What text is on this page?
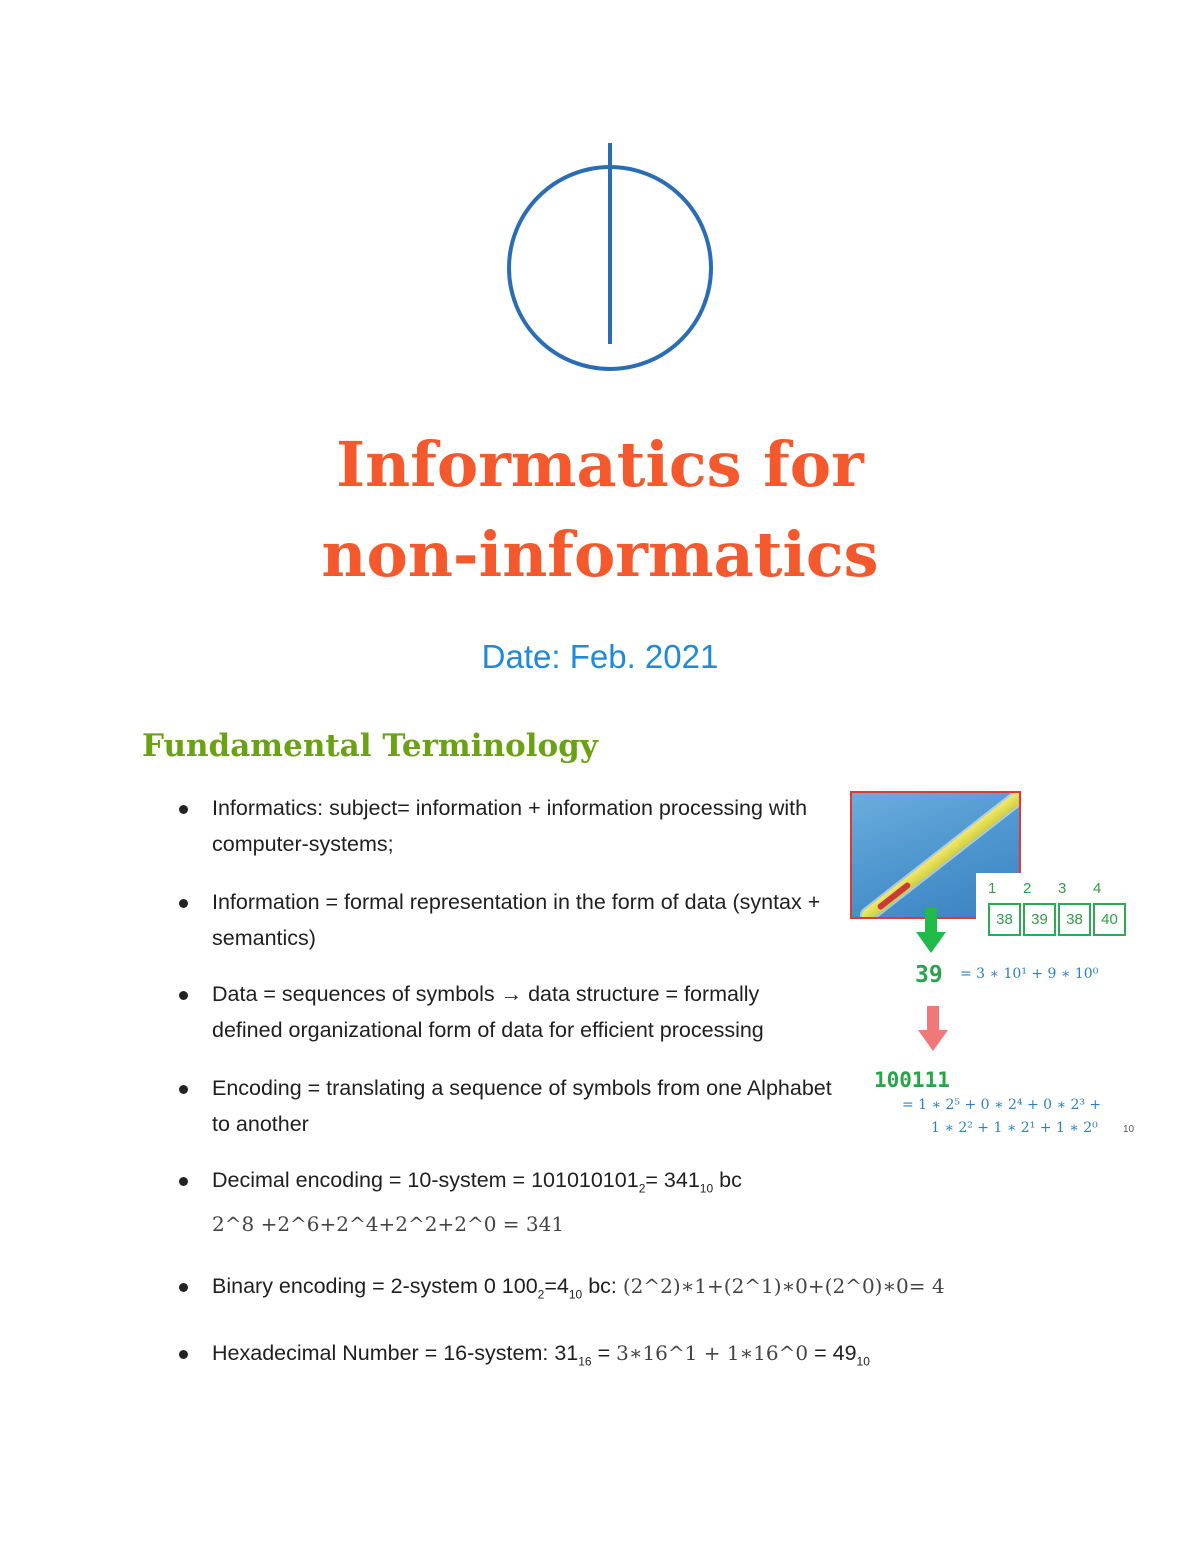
Informatics for
non-informatics
Date: Feb. 2021
Fundamental Terminology
Informatics: subject= information + information processing with computer-systems;
Information = formal representation in the form of data (syntax + semantics)
Data = sequences of symbols → data structure = formally defined organizational form of data for efficient processing
Encoding = translating a sequence of symbols from one Alphabet to another
Decimal encoding = 10-system = $101010101_2= 341_{10}$ bc
2^8 +2^6+2^4+2^2+2^0 = 341
Binary encoding = 2-system 0 $100_2=4_{10}$ bc: (2^2)∗1+(2^1)∗0+(2^0)∗0= 4
Hexadecimal Number = 16-system: $31_{16}$ = 3∗16^1 + 1∗16^0 = $49_{10}$
1 2 3 4
38	39	38	40
39 = 3 ∗ 10¹ + 9 ∗ 10⁰
100111
= 1 ∗ 2⁵ + 0 ∗ 2⁴ + 0 ∗ 2³ +
1 ∗ 2² + 1 ∗ 2¹ + 1 ∗ 2⁰	10
